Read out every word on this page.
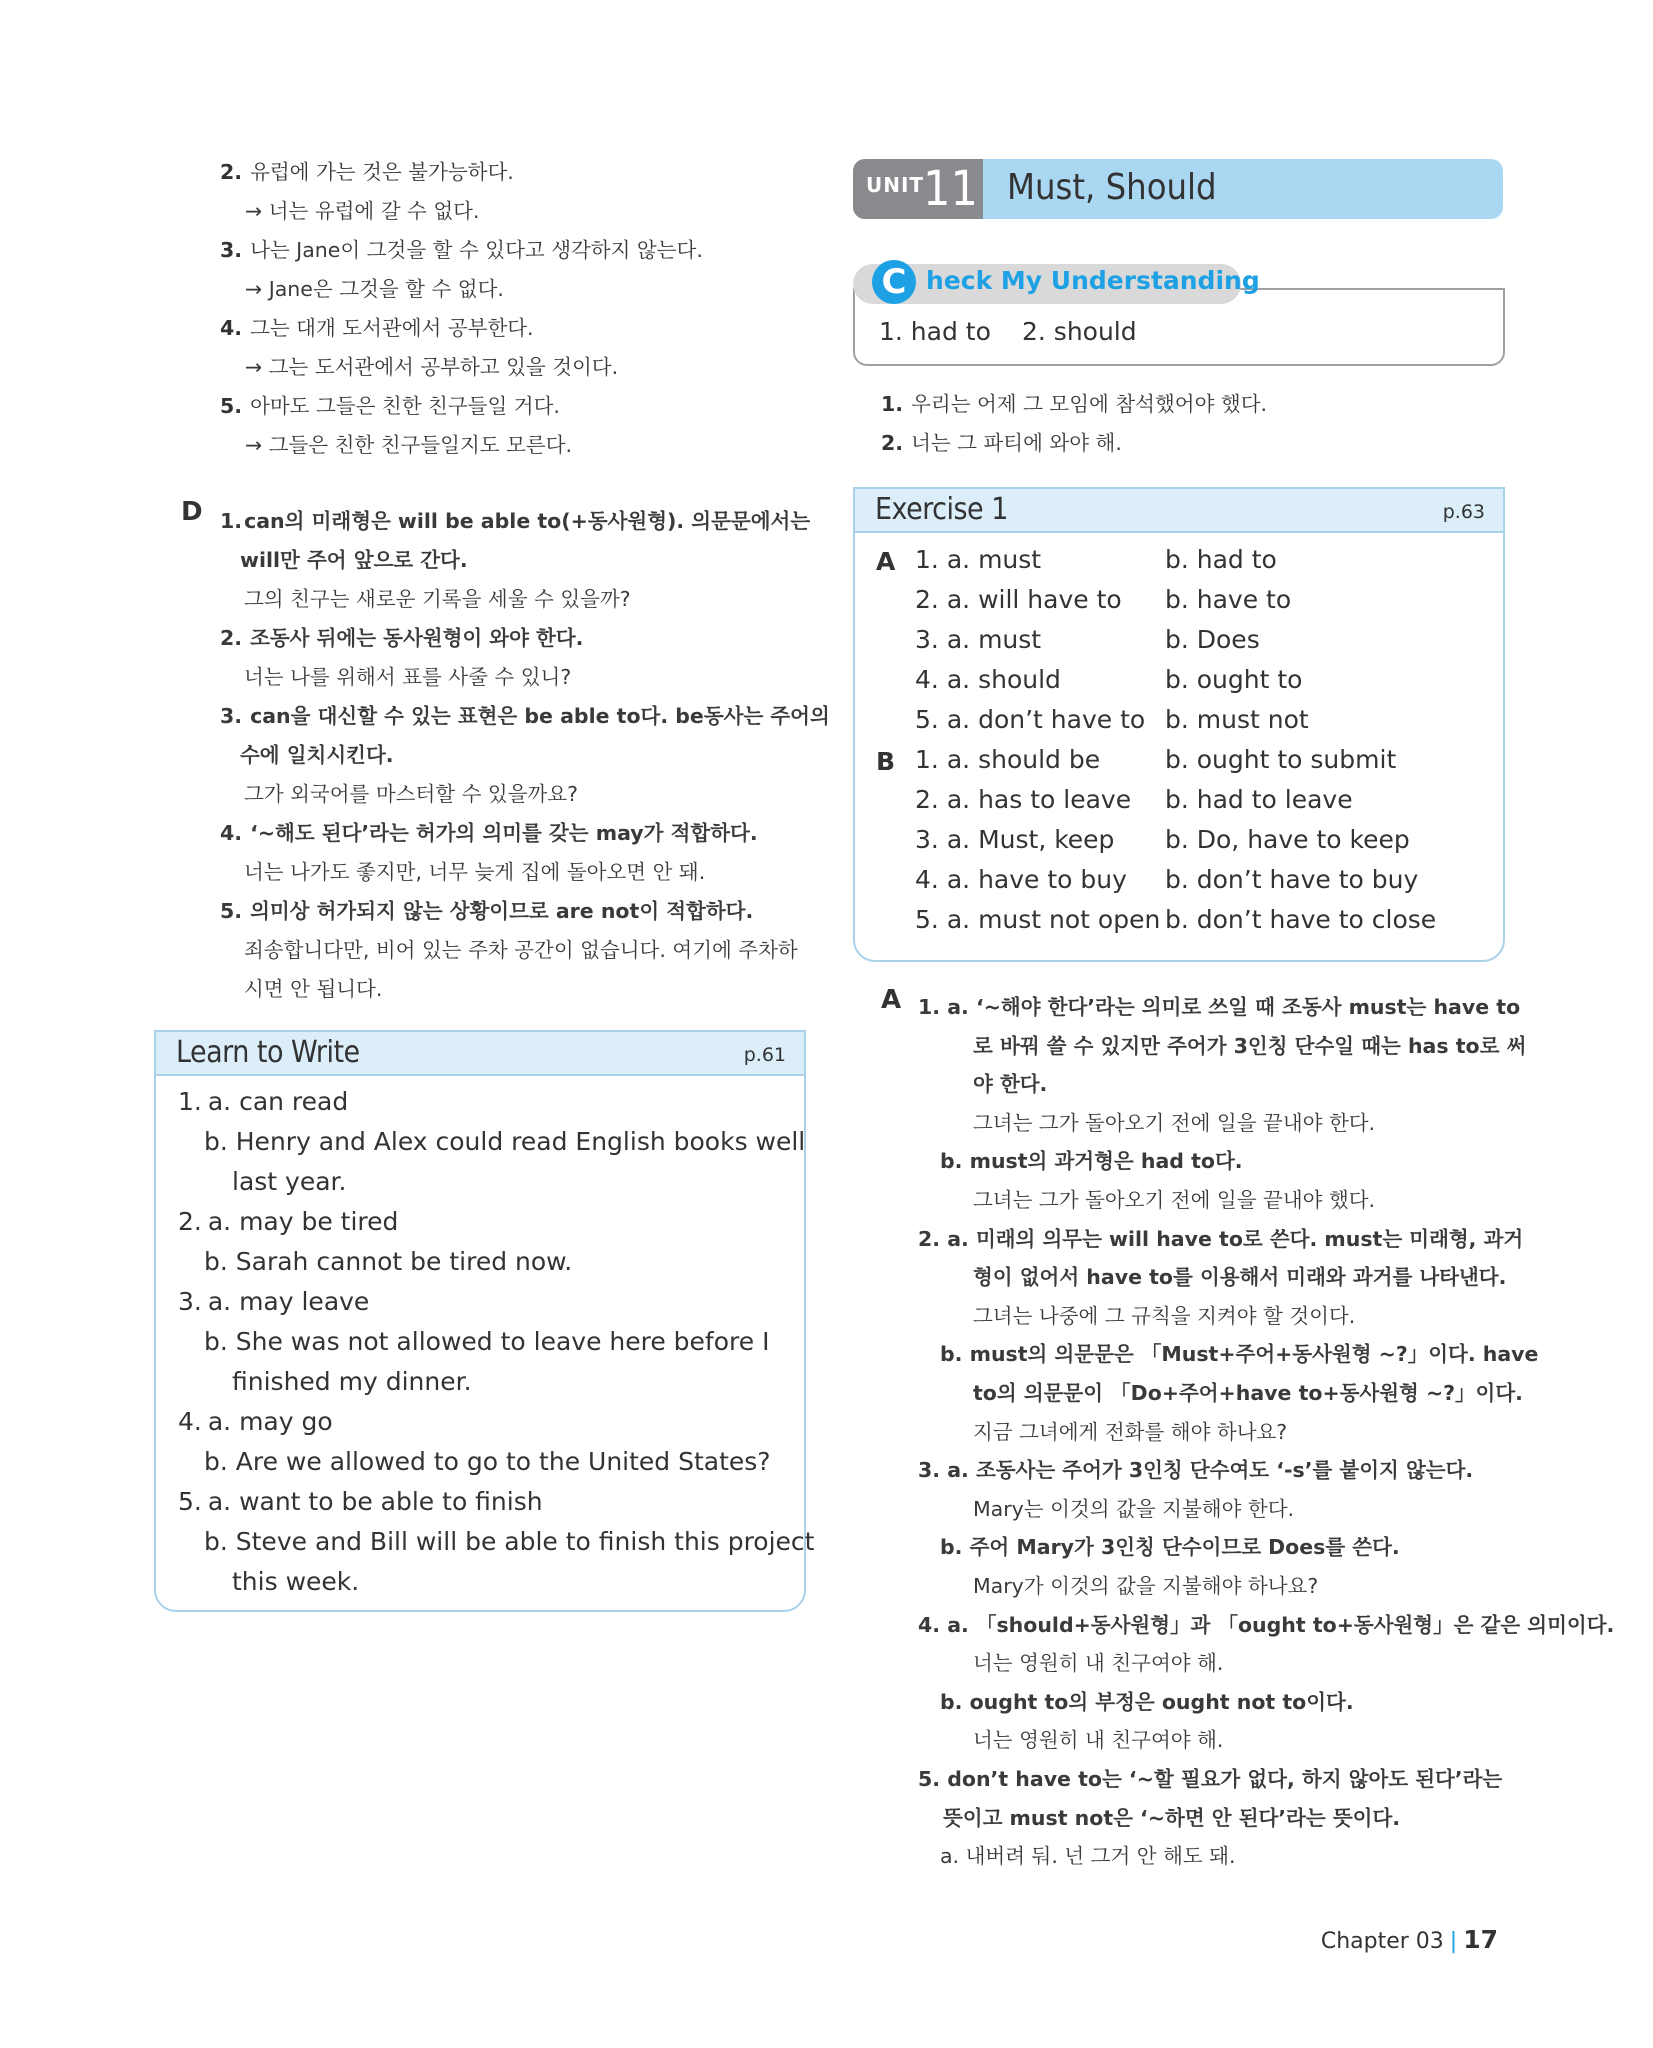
UNIT
11 Must, Should
C heck My Understanding
Exercise 1	p.63
Learn to Write	p.61
Chapter 03 | 17
2. 유럽에 가는 것은 불가능하다.
→ 너는 유럽에 갈 수 없다.
3. 나는 Jane이 그것을 할 수 있다고 생각하지 않는다.
→ Jane은 그것을 할 수 없다.
4. 그는 대개 도서관에서 공부한다.
→ 그는 도서관에서 공부하고 있을 것이다.
5. 아마도 그들은 친한 친구들일 거다.
→ 그들은 친한 친구들일지도 모른다.
D 1.can의 미래형은 will be able to(+동사원형). 의문문에서는
will만 주어 앞으로 간다.
그의 친구는 새로운 기록을 세울 수 있을까?
2. 조동사 뒤에는 동사원형이 와야 한다.
너는 나를 위해서 표를 사줄 수 있니?
3. can을 대신할 수 있는 표현은 be able to다. be동사는 주어의
수에 일치시킨다.
그가 외국어를 마스터할 수 있을까요?
4. ‘~해도 된다’라는 허가의 의미를 갖는 may가 적합하다.
너는 나가도 좋지만, 너무 늦게 집에 돌아오면 안 돼.
5. 의미상 허가되지 않는 상황이므로 are not이 적합하다.
죄송합니다만, 비어 있는 주차 공간이 없습니다. 여기에 주차하
시면 안 됩니다.
1. a. can read
b. Henry and Alex could read English books well
last year.
2. a. may be tired
b. Sarah cannot be tired now.
3. a. may leave
b. She was not allowed to leave here before I
finished my dinner.
4. a. may go
b. Are we allowed to go to the United States?
5. a. want to be able to finish
b. Steve and Bill will be able to finish this project
this week.
1. had to 2. should
1. 우리는 어제 그 모임에 참석했어야 했다.
2. 너는 그 파티에 와야 해.
A 1. a. must	b. had to
2. a. will have to b. have to
3. a. must	b. Does
4. a. should	b. ought to
5. a. don’t have to b. must not
B 1. a. should be	b. ought to submit
2. a. has to leave b. had to leave
3. a. Must, keep b. Do, have to keep
4. a. have to buy b. don’t have to buy
5. a. must not open b. don’t have to close
A 1. a. ‘~해야 한다’라는 의미로 쓰일 때 조동사 must는 have to
로 바꿔 쓸 수 있지만 주어가 3인칭 단수일 때는 has to로 써
야 한다.
그녀는 그가 돌아오기 전에 일을 끝내야 한다.
b. must의 과거형은 had to다.
그녀는 그가 돌아오기 전에 일을 끝내야 했다.
2. a. 미래의 의무는 will have to로 쓴다. must는 미래형, 과거
형이 없어서 have to를 이용해서 미래와 과거를 나타낸다.
그녀는 나중에 그 규칙을 지켜야 할 것이다.
b. must의 의문문은 「Must+주어+동사원형 ~?」이다. have
to의 의문문이 「Do+주어+have to+동사원형 ~?」이다.
지금 그녀에게 전화를 해야 하나요?
3. a. 조동사는 주어가 3인칭 단수여도 ‘-s’를 붙이지 않는다.
Mary는 이것의 값을 지불해야 한다.
b. 주어 Mary가 3인칭 단수이므로 Does를 쓴다.
Mary가 이것의 값을 지불해야 하나요?
4. a. 「should+동사원형」과 「ought to+동사원형」은 같은 의미이다.
너는 영원히 내 친구여야 해.
b. ought to의 부정은 ought not to이다.
너는 영원히 내 친구여야 해.
5. don’t have to는 ‘~할 필요가 없다, 하지 않아도 된다’라는
뜻이고 must not은 ‘~하면 안 된다’라는 뜻이다.
a. 내버려 둬. 넌 그거 안 해도 돼.
